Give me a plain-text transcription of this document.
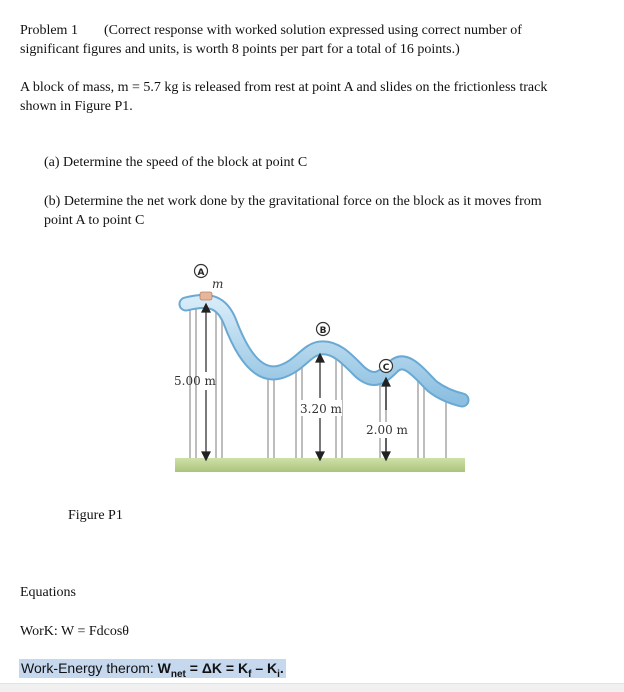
Problem 1 (Correct response with worked solution expressed using correct number of
significant figures and units, is worth 8 points per part for a total of 16 points.)
A block of mass, m = 5.7 kg is released from rest at point A and slides on the frictionless track
shown in Figure P1.
(a) Determine the speed of the block at point C
(b) Determine the net work done by the gravitational force on the block as it moves from
point A to point C
A
m
B
C
5.00 m
3.20 m
2.00 m
Figure P1
Equations
WorK: W = Fdcosθ
Work-Energy therom: $W_{net} = \Delta K = K_f - K_i$.
